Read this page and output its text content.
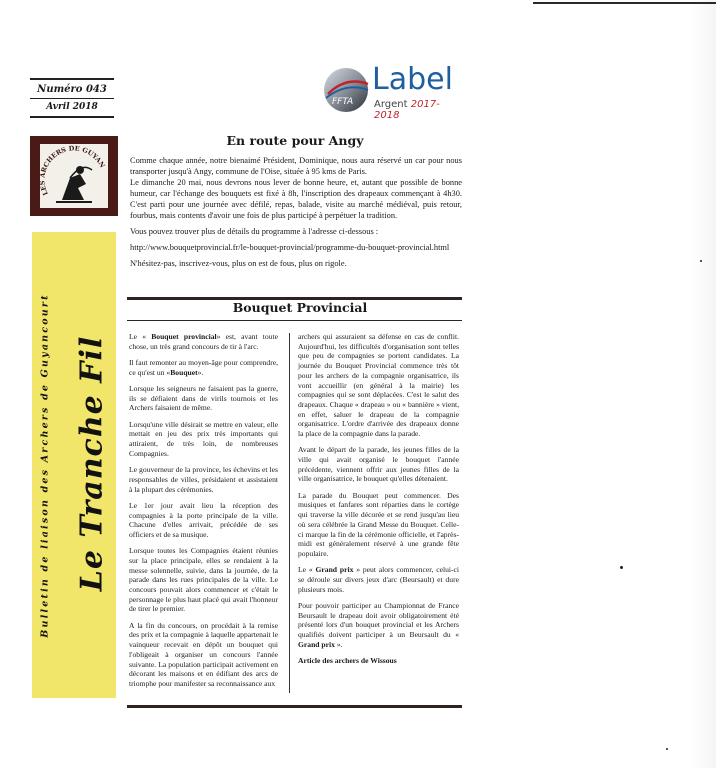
Numéro 043
Avril 2018	FFTA
Label
Argent 2017-2018
L RCHERS DE GUYAN
Bulletin de liaison des Archers de Guyancourt Le Tranche Fil
En route pour Angy

Comme chaque année, notre bienaimé Président, Dominique, nous aura réservé un car pour nous transporter jusqu'à Angy, commune de l'Oise, située à 95 kms de Paris.

Le dimanche 20 mai, nous devrons nous lever de bonne heure, et, autant que possible de bonne humeur, car l'échange des bouquets est fixé à 8h, l'inscription des drapeaux commençant à 4h30. C'est parti pour une journée avec défilé, repas, balade, visite au marché médiéval, puis retour, fourbus, mais contents d'avoir une fois de plus participé à perpétuer la tradition.

Vous pouvez trouver plus de détails du programme à l'adresse ci-dessous :

http://www.bouquetprovincial.fr/le-bouquet-provincial/programme-du-bouquet-provincial.html

N'hésitez-pas, inscrivez-vous, plus on est de fous, plus on rigole.

Bouquet Provincial

Le « Bouquet provincial» est, avant toute chose, un très grand concours de tir à l'arc.

Il faut remonter au moyen-âge pour comprendre, ce qu'est un «Bouquet».

Lorsque les seigneurs ne faisaient pas la guerre, ils se défiaient dans de virils tournois et les Archers faisaient de même.

Lorsqu'une ville désirait se mettre en valeur, elle mettait en jeu des prix très importants qui attiraient, de très loin, de nombreuses Compagnies.

Le gouverneur de la province, les échevins et les responsables de villes, présidaient et assistaient à la plupart des cérémonies.

Le 1er jour avait lieu la réception des compagnies à la porte principale de la ville. Chacune d'elles arrivait, précédée de ses officiers et de sa musique.

Lorsque toutes les Compagnies étaient réunies sur la place principale, elles se rendaient à la messe solennelle, suivie, dans la journée, de la parade dans les rues principales de la ville. Le concours pouvait alors commencer et c'était le personnage le plus haut placé qui avait l'honneur de tirer le premier.

A la fin du concours, on procédait à la remise des prix et la compagnie à laquelle appartenait le vainqueur recevait en dépôt un bouquet qui l'obligeait à organiser un concours l'année suivante. La population participait activement en décorant les maisons et en édifiant des arcs de triomphe pour manifester sa reconnaissance aux

archers qui assuraient sa défense en cas de conflit. Aujourd'hui, les difficultés d'organisation sont telles que peu de compagnies se portent candidates. La journée du Bouquet Provincial commence très tôt pour les archers de la compagnie organisatrice, ils vont accueillir (en général à la mairie) les compagnies qui se sont déplacées. C'est le salut des drapeaux. Chaque « drapeau » ou « bannière » vient, en effet, saluer le drapeau de la compagnie organisatrice. L'ordre d'arrivée des drapeaux donne la place de la compagnie dans la parade.

Avant le départ de la parade, les jeunes filles de la ville qui avait organisé le bouquet l'année précédente, viennent offrir aux jeunes filles de la ville organisatrice, le bouquet qu'elles détenaient.

La parade du Bouquet peut commencer. Des musiques et fanfares sont réparties dans le cortège qui traverse la ville décorée et se rend jusqu'au lieu où sera célébrée la Grand Messe du Bouquet. Celle-ci marque la fin de la cérémonie officielle, et l'après-midi est généralement réservé à une grande fête populaire.

Le « Grand prix » peut alors commencer, celui-ci se déroule sur divers jeux d'arc (Beursault) et dure plusieurs mois.

Pour pouvoir participer au Championnat de France Beursault le drapeau doit avoir obligatoirement été présenté lors d'un bouquet provincial et les Archers qualifiés doivent participer à un Beursault du « Grand prix ».

Article des archers de Wissous
